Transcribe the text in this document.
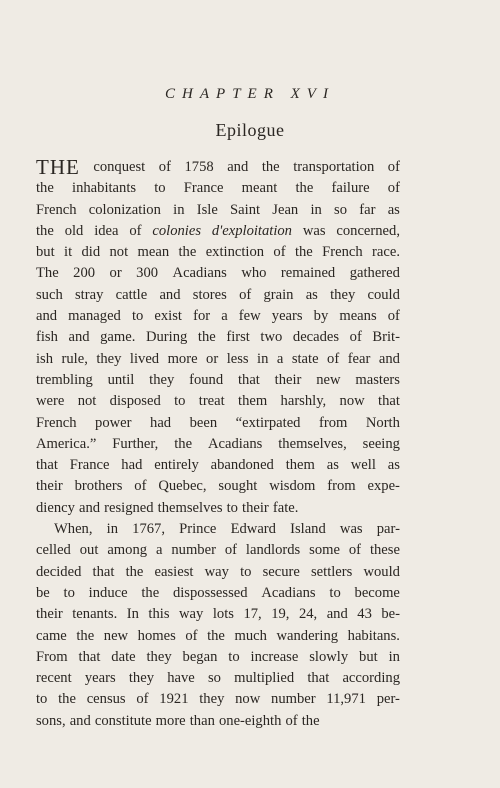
CHAPTER XVI
Epilogue
THE conquest of 1758 and the transportation of
the inhabitants to France meant the failure of
French colonization in Isle Saint Jean in so far as
the old idea of colonies d'exploitation was concerned,
but it did not mean the extinction of the French race.
The 200 or 300 Acadians who remained gathered
such stray cattle and stores of grain as they could
and managed to exist for a few years by means of
fish and game. During the first two decades of Brit-
ish rule, they lived more or less in a state of fear and
trembling until they found that their new masters
were not disposed to treat them harshly, now that
French power had been “extirpated from North
America.” Further, the Acadians themselves, seeing
that France had entirely abandoned them as well as
their brothers of Quebec, sought wisdom from expe-
diency and resigned themselves to their fate.
When, in 1767, Prince Edward Island was par-
celled out among a number of landlords some of these
decided that the easiest way to secure settlers would
be to induce the dispossessed Acadians to become
their tenants. In this way lots 17, 19, 24, and 43 be-
came the new homes of the much wandering habitans.
From that date they began to increase slowly but in
recent years they have so multiplied that according
to the census of 1921 they now number 11,971 per-
sons, and constitute more than one-eighth of the
